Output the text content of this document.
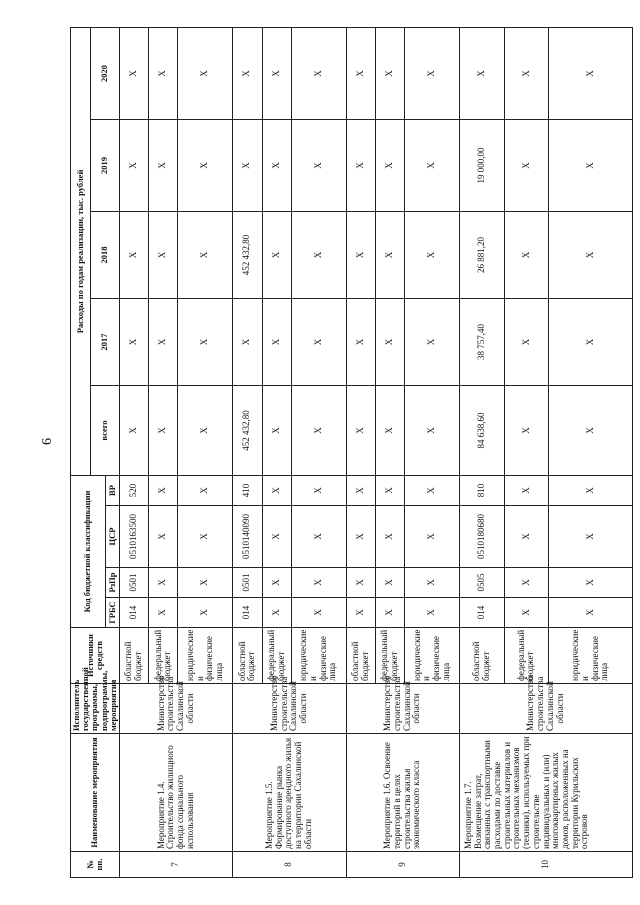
6
№ пп.	Наименование мероприятия	Исполнитель государственной программы, подпрограммы, мероприятия	Источники средств	Код бюджетной классификации				Расходы по годам реализации, тыс. рублей				
								всего	2017	2018	2019	2020
				ГРБС	РзПр	ЦСР	ВР					
7	Мероприятие 1.4. Строительство жилищного фонда социального использования	Министерство строительства Сахалинской области	областной бюджет	014	0501	0510163500	520	X	X	X	X	X
			федеральный бюджет	X	X	X	X	X	X	X	X	X
			юридические и физические лица	X	X	X	X	X	X	X	X	X
8	Мероприятие 1.5. Формирование рынка доступного арендного жилья на территории Сахалинской области	Министерство строительства Сахалинской области	областной бюджет	014	0501	0510140090	410	452 432,80	X	452 432,80	X	X
			федеральный бюджет	X	X	X	X	X	X	X	X	X
			юридические и физические лица	X	X	X	X	X	X	X	X	X
9	Мероприятие 1.6. Освоение территорий в целях строительства жилья экономического класса	Министерство строительства Сахалинской области	областной бюджет	X	X	X	X	X	X	X	X	X
			федеральный бюджет	X	X	X	X	X	X	X	X	X
			юридические и физические лица	X	X	X	X	X	X	X	X	X
10	Мероприятие 1.7. Возмещение затрат, связанных с транспортными расходами по доставке строительных материалов и строительных механизмов (техники), используемых при строительстве индивидуальных и (или) многоквартирных жилых домов, расположенных на территории Курильских островов	Министерство строительства Сахалинской области	областной бюджет	014	0505	0510180680	810	84 638,60	38 757,40	26 881,20	19 000,00	X
			федеральный бюджет	X	X	X	X	X	X	X	X	X
			юридические и физические лица	X	X	X	X	X	X	X	X	X
